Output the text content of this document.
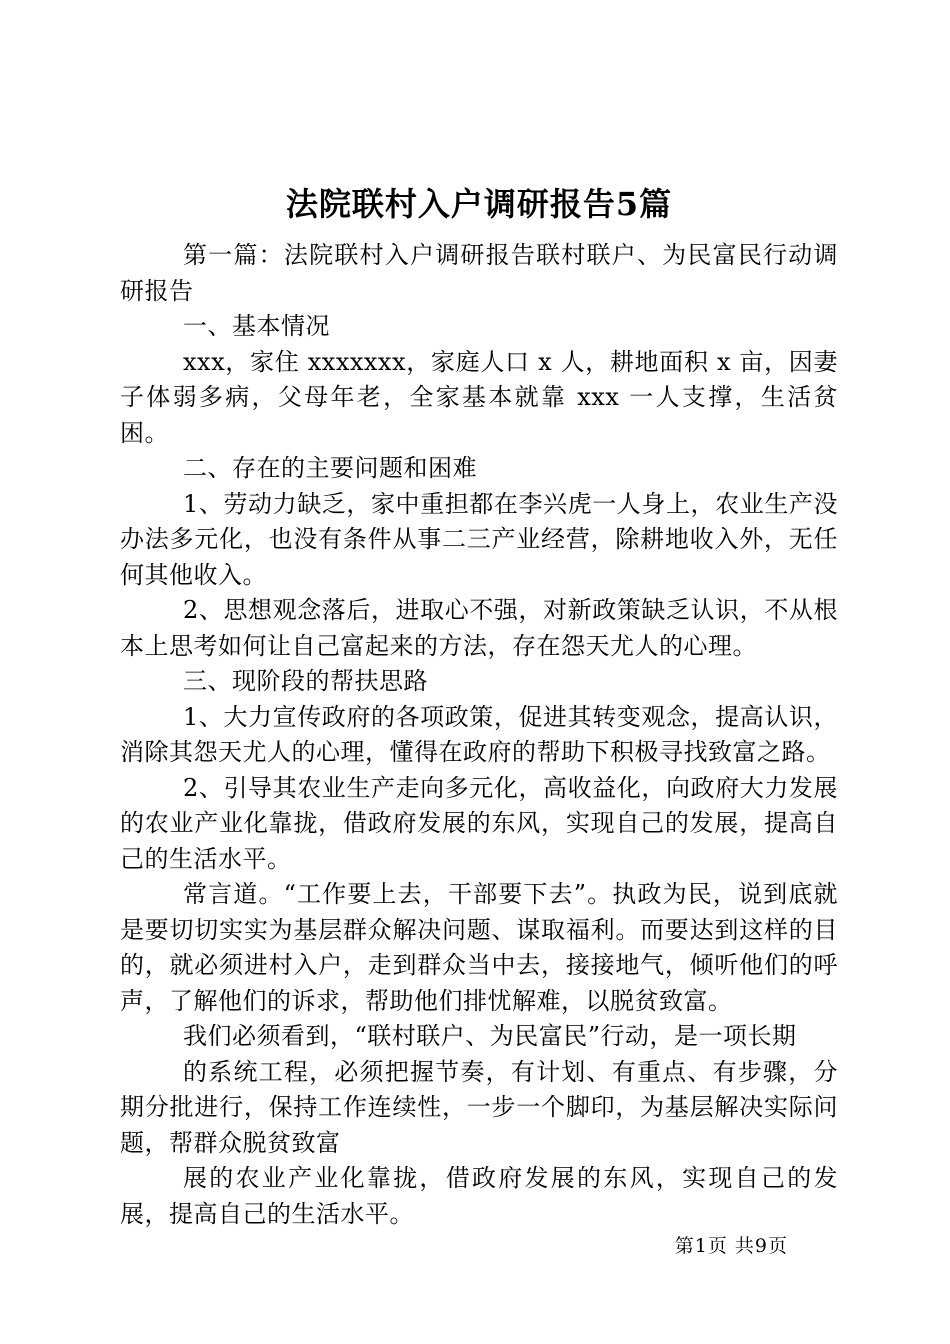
法院联村入户调研报告5篇

第一篇：法院联村入户调研报告联村联户、为民富民行动调研报告

一、基本情况

xxx，家住 xxxxxxx，家庭人口 x 人，耕地面积 x 亩，因妻子体弱多病，父母年老，全家基本就靠 xxx 一人支撑，生活贫困。

二、存在的主要问题和困难

1、劳动力缺乏，家中重担都在李兴虎一人身上，农业生产没办法多元化，也没有条件从事二三产业经营，除耕地收入外，无任何其他收入。

2、思想观念落后，进取心不强，对新政策缺乏认识，不从根本上思考如何让自己富起来的方法，存在怨天尤人的心理。

三、现阶段的帮扶思路

1、大力宣传政府的各项政策，促进其转变观念，提高认识，消除其怨天尤人的心理，懂得在政府的帮助下积极寻找致富之路。

2、引导其农业生产走向多元化，高收益化，向政府大力发展的农业产业化靠拢，借政府发展的东风，实现自己的发展，提高自己的生活水平。

常言道。“工作要上去，干部要下去”。执政为民，说到底就是要切切实实为基层群众解决问题、谋取福利。而要达到这样的目的，就必须进村入户，走到群众当中去，接接地气，倾听他们的呼声，了解他们的诉求，帮助他们排忧解难，以脱贫致富。

我们必须看到，“联村联户、为民富民”行动，是一项长期

的系统工程，必须把握节奏，有计划、有重点、有步骤，分期分批进行，保持工作连续性，一步一个脚印，为基层解决实际问题，帮群众脱贫致富

展的农业产业化靠拢，借政府发展的东风，实现自己的发展，提高自己的生活水平。

第1页 共9页
